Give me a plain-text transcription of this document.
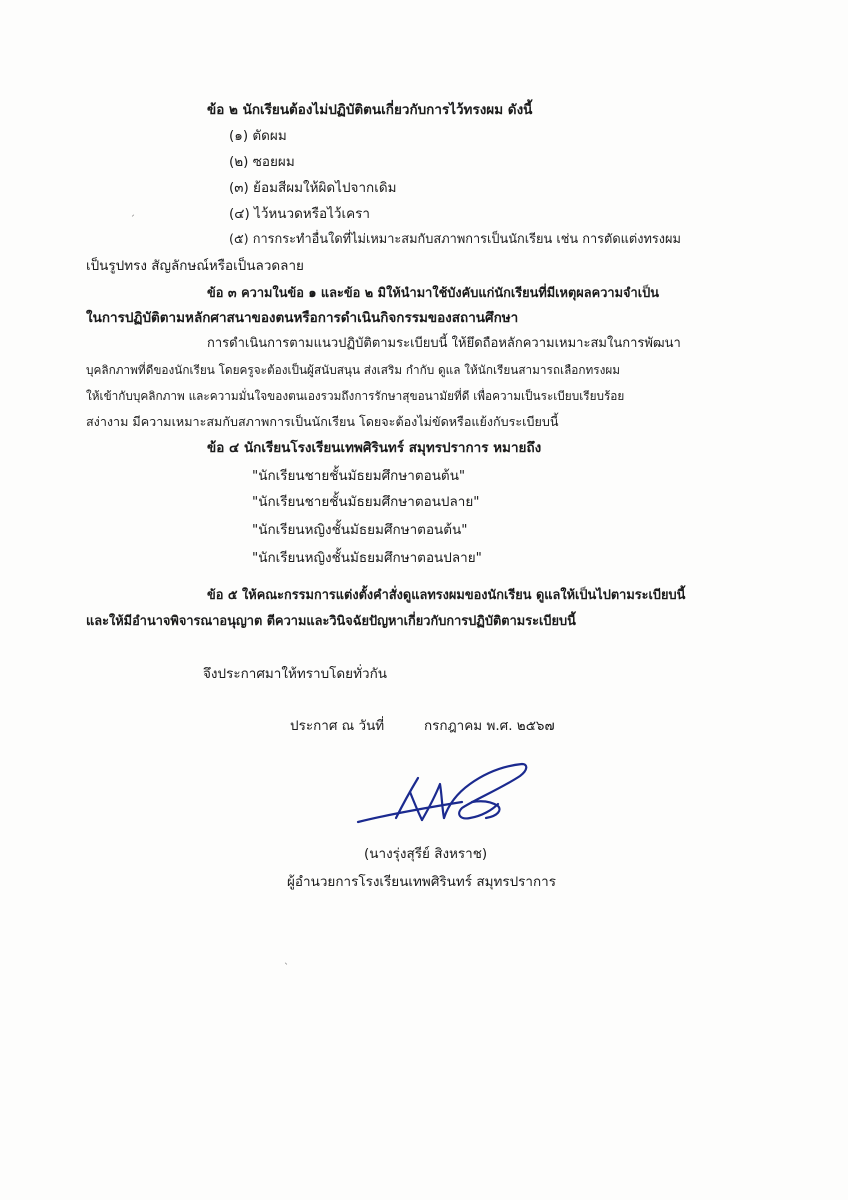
ข้อ ๒ นักเรียนต้องไม่ปฏิบัติตนเกี่ยวกับการไว้ทรงผม ดังนี้
(๑) ตัดผม
(๒) ซอยผม
(๓) ย้อมสีผมให้ผิดไปจากเดิม
(๔) ไว้หนวดหรือไว้เครา
(๕) การกระทำอื่นใดที่ไม่เหมาะสมกับสภาพการเป็นนักเรียน เช่น การตัดแต่งทรงผม
เป็นรูปทรง สัญลักษณ์หรือเป็นลวดลาย
ข้อ ๓ ความในข้อ ๑ และข้อ ๒ มิให้นำมาใช้บังคับแก่นักเรียนที่มีเหตุผลความจำเป็น
ในการปฏิบัติตามหลักศาสนาของตนหรือการดำเนินกิจกรรมของสถานศึกษา
การดำเนินการตามแนวปฏิบัติตามระเบียบนี้ ให้ยึดถือหลักความเหมาะสมในการพัฒนา
บุคลิกภาพที่ดีของนักเรียน โดยครูจะต้องเป็นผู้สนับสนุน ส่งเสริม กำกับ ดูแล ให้นักเรียนสามารถเลือกทรงผม
ให้เข้ากับบุคลิกภาพ และความมั่นใจของตนเองรวมถึงการรักษาสุขอนามัยที่ดี เพื่อความเป็นระเบียบเรียบร้อย
สง่างาม มีความเหมาะสมกับสภาพการเป็นนักเรียน โดยจะต้องไม่ขัดหรือแย้งกับระเบียบนี้
ข้อ ๔ นักเรียนโรงเรียนเทพศิรินทร์ สมุทรปราการ หมายถึง
"นักเรียนชายชั้นมัธยมศึกษาตอนต้น"
"นักเรียนชายชั้นมัธยมศึกษาตอนปลาย"
"นักเรียนหญิงชั้นมัธยมศึกษาตอนต้น"
"นักเรียนหญิงชั้นมัธยมศึกษาตอนปลาย"
ข้อ ๕ ให้คณะกรรมการแต่งตั้งคำสั่งดูแลทรงผมของนักเรียน ดูแลให้เป็นไปตามระเบียบนี้
และให้มีอำนาจพิจารณาอนุญาต ตีความและวินิจฉัยปัญหาเกี่ยวกับการปฏิบัติตามระเบียบนี้
จึงประกาศมาให้ทราบโดยทั่วกัน
ประกาศ ณ วันที่	กรกฎาคม พ.ศ. ๒๕๖๗
(นางรุ่งสุรีย์ สิงหราช)
ผู้อำนวยการโรงเรียนเทพศิรินทร์ สมุทรปราการ
ˏ
ˎ
